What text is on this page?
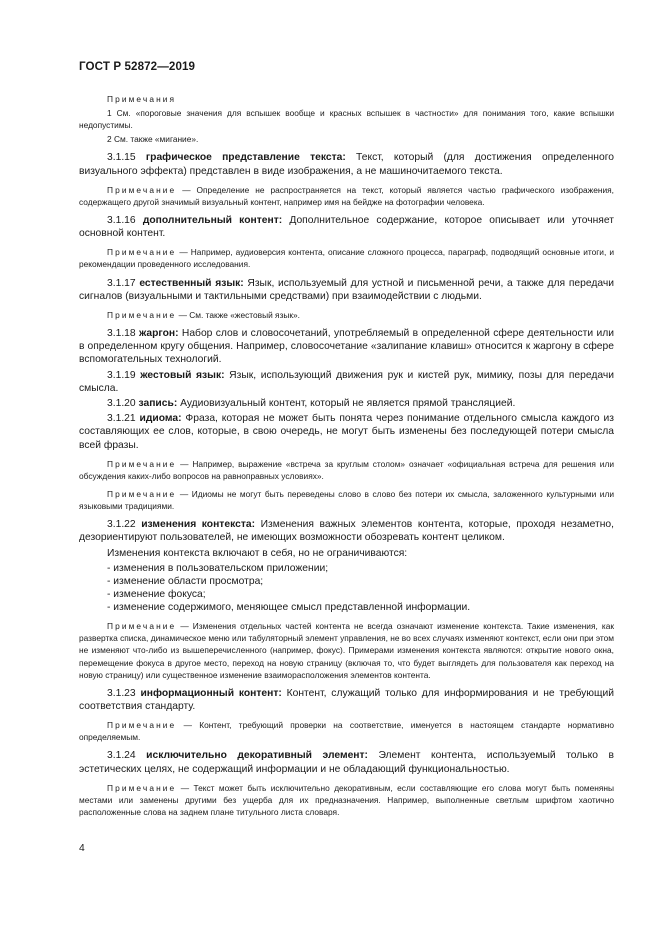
ГОСТ Р 52872—2019
Примечания
1 См. «пороговые значения для вспышек вообще и красных вспышек в частности» для понимания того, какие вспышки недопустимы.
2 См. также «мигание».
3.1.15 графическое представление текста: Текст, который (для достижения определенного визуального эффекта) представлен в виде изображения, а не машиночитаемого текста.
Примечание — Определение не распространяется на текст, который является частью графического изображения, содержащего другой значимый визуальный контент, например имя на бейдже на фотографии человека.
3.1.16 дополнительный контент: Дополнительное содержание, которое описывает или уточняет основной контент.
Примечание — Например, аудиоверсия контента, описание сложного процесса, параграф, подводящий основные итоги, и рекомендации проведенного исследования.
3.1.17 естественный язык: Язык, используемый для устной и письменной речи, а также для передачи сигналов (визуальными и тактильными средствами) при взаимодействии с людьми.
Примечание — См. также «жестовый язык».
3.1.18 жаргон: Набор слов и словосочетаний, употребляемый в определенной сфере деятельности или в определенном кругу общения. Например, словосочетание «залипание клавиш» относится к жаргону в сфере вспомогательных технологий.
3.1.19 жестовый язык: Язык, использующий движения рук и кистей рук, мимику, позы для передачи смысла.
3.1.20 запись: Аудиовизуальный контент, который не является прямой трансляцией.
3.1.21 идиома: Фраза, которая не может быть понята через понимание отдельного смысла каждого из составляющих ее слов, которые, в свою очередь, не могут быть изменены без последующей потери смысла всей фразы.
Примечание — Например, выражение «встреча за круглым столом» означает «официальная встреча для решения или обсуждения каких-либо вопросов на равноправных условиях».
Примечание — Идиомы не могут быть переведены слово в слово без потери их смысла, заложенного культурными или языковыми традициями.
3.1.22 изменения контекста: Изменения важных элементов контента, которые, проходя незаметно, дезориентируют пользователей, не имеющих возможности обозревать контент целиком.
Изменения контекста включают в себя, но не ограничиваются:
- изменения в пользовательском приложении;
- изменение области просмотра;
- изменение фокуса;
- изменение содержимого, меняющее смысл представленной информации.
Примечание — Изменения отдельных частей контента не всегда означают изменение контекста. Такие изменения, как развертка списка, динамическое меню или табуляторный элемент управления, не во всех случаях изменяют контекст, если они при этом не изменяют что-либо из вышеперечисленного (например, фокус). Примерами изменения контекста являются: открытие нового окна, перемещение фокуса в другое место, переход на новую страницу (включая то, что будет выглядеть для пользователя как переход на новую страницу) или существенное изменение взаиморасположения элементов контента.
3.1.23 информационный контент: Контент, служащий только для информирования и не требующий соответствия стандарту.
Примечание — Контент, требующий проверки на соответствие, именуется в настоящем стандарте нормативно определяемым.
3.1.24 исключительно декоративный элемент: Элемент контента, используемый только в эстетических целях, не содержащий информации и не обладающий функциональностью.
Примечание — Текст может быть исключительно декоративным, если составляющие его слова могут быть поменяны местами или заменены другими без ущерба для их предназначения. Например, выполненные светлым шрифтом хаотично расположенные слова на заднем плане титульного листа словаря.
4
